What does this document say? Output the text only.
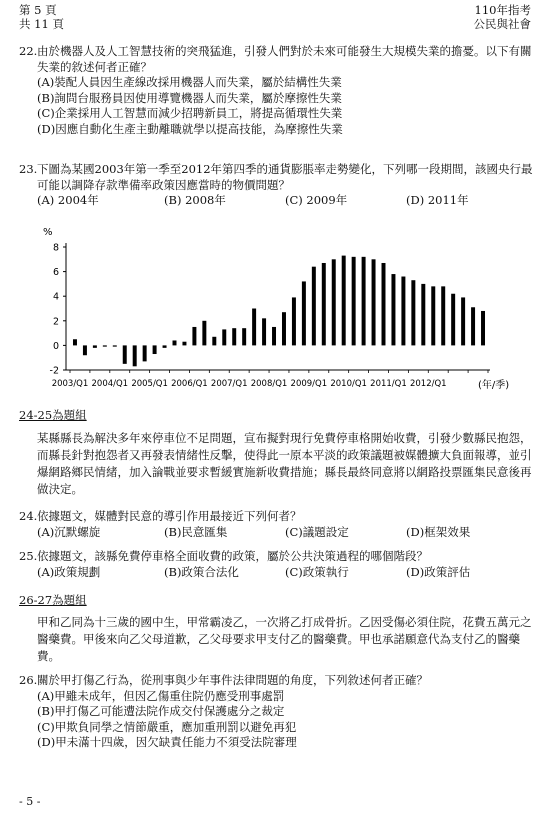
第 5 頁
共 11 頁
110年指考
公民與社會
22.由於機器人及人工智慧技術的突飛猛進，引發人們對於未來可能發生大規模失業的擔憂。以下有關失業的敘述何者正確？
(A)裝配人員因生產線改採用機器人而失業，屬於結構性失業
(B)詢問台服務員因使用導覽機器人而失業，屬於摩擦性失業
(C)企業採用人工智慧而減少招聘新員工，將提高循環性失業
(D)因應自動化生產主動離職就學以提高技能，為摩擦性失業
23.下圖為某國2003年第一季至2012年第四季的通貨膨脹率走勢變化，下列哪一段期間，該國央行最可能以調降存款準備率政策因應當時的物價問題？
(A) 2004年	(B) 2008年	(C) 2009年	(D) 2011年
%
-2
0
2
4
6
8
2003/Q1 2004/Q1 2005/Q1 2006/Q1 2007/Q1 2008/Q1 2009/Q1 2010/Q1 2011/Q1 2012/Q1	(年/季)
24-25為題組
某縣縣長為解決多年來停車位不足問題，宣布擬對現行免費停車格開始收費，引發少數縣民抱怨，而縣長針對抱怨者又再發表情緒性反擊，使得此一原本平淡的政策議題被媒體擴大負面報導，並引爆網路鄉民情緒，加入論戰並要求暫緩實施新收費措施；縣長最終同意將以網路投票匯集民意後再做決定。
24.依據題文，媒體對民意的導引作用最接近下列何者？
(A)沉默螺旋	(B)民意匯集	(C)議題設定	(D)框架效果
25.依據題文，該縣免費停車格全面收費的政策，屬於公共決策過程的哪個階段？
(A)政策規劃	(B)政策合法化	(C)政策執行	(D)政策評估
26-27為題組
甲和乙同為十三歲的國中生，甲常霸凌乙，一次將乙打成骨折。乙因受傷必須住院，花費五萬元之醫藥費。甲後來向乙父母道歉，乙父母要求甲支付乙的醫藥費。甲也承諾願意代為支付乙的醫藥費。
26.關於甲打傷乙行為，從刑事與少年事件法律問題的角度，下列敘述何者正確？
(A)甲雖未成年，但因乙傷重住院仍應受刑事處罰
(B)甲打傷乙可能遭法院作成交付保護處分之裁定
(C)甲欺負同學之情節嚴重，應加重刑罰以避免再犯
(D)甲未滿十四歲，因欠缺責任能力不須受法院審理
- 5 -
